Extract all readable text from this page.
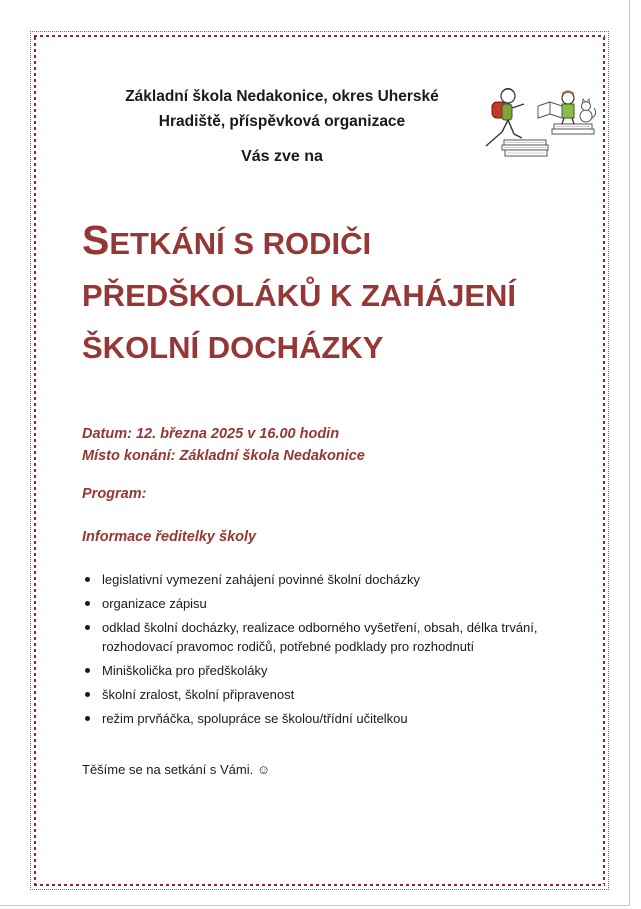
Základní škola Nedakonice, okres Uherské
Hradiště, příspěvková organizace
Vás zve na
SETKÁNÍ S RODIČI
PŘEDŠKOLÁKŮ K ZAHÁJENÍ
ŠKOLNÍ DOCHÁZKY
Datum: 12. března 2025 v 16.00 hodin
Místo konání: Základní škola Nedakonice
Program:
Informace ředitelky školy
legislativní vymezení zahájení povinné školní docházky
organizace zápisu
odklad školní docházky, realizace odborného vyšetření, obsah, délka trvání, rozhodovací pravomoc rodičů, potřebné podklady pro rozhodnutí
Miniškolička pro předškoláky
školní zralost, školní připravenost
režim prvňáčka, spolupráce se školou/třídní učitelkou
Těšíme se na setkání s Vámi. ☺
